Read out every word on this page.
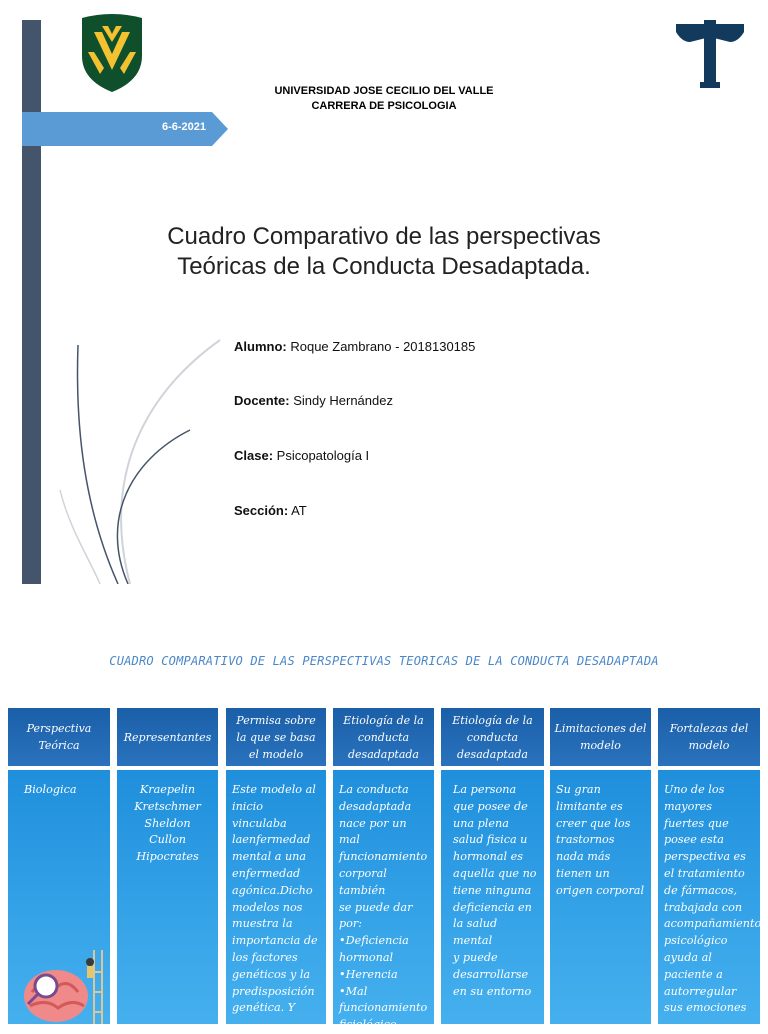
6-6-2021
UNIVERSIDAD JOSE CECILIO DEL VALLE
CARRERA DE PSICOLOGIA
Cuadro Comparativo de las perspectivas
Teóricas de la Conducta Desadaptada.
Alumno: Roque Zambrano - 2018130185
Docente: Sindy Hernández
Clase: Psicopatología I
Sección: AT
CUADRO COMPARATIVO DE LAS PERSPECTIVAS TEORICAS DE LA CONDUCTA DESADAPTADA
Perspectiva Teórica
Representantes
Permisa sobre la que se basa el modelo
Etiología de la conducta desadaptada
Etiología de la conducta desadaptada
Limitaciones del modelo
Fortalezas del modelo
Biologica	Kraepelin
Kretschmer
Sheldon
Cullon
Hipocrates
Este modelo al inicio vinculaba laenfermedad mental a una enfermedad agónica.Dicho modelos nos muestra la importancia de los factores genéticos y la predisposición genética. Y
La conducta desadaptada nace por un mal funcionamiento corporal también
se puede dar por:
•Deficiencia hormonal
•Herencia
•Mal funcionamiento fisiológico
La persona que posee de una plena salud fisica u hormonal es aquella que no tiene ninguna deficiencia en la salud mental
y puede desarrollarse en su entorno
Su gran limitante es creer que los trastornos nada más tienen un origen corporal
Uno de los mayores fuertes que posee esta perspectiva es el tratamiento de fármacos, trabajada con acompañamiento psicológico ayuda al paciente a autorregular sus emociones
